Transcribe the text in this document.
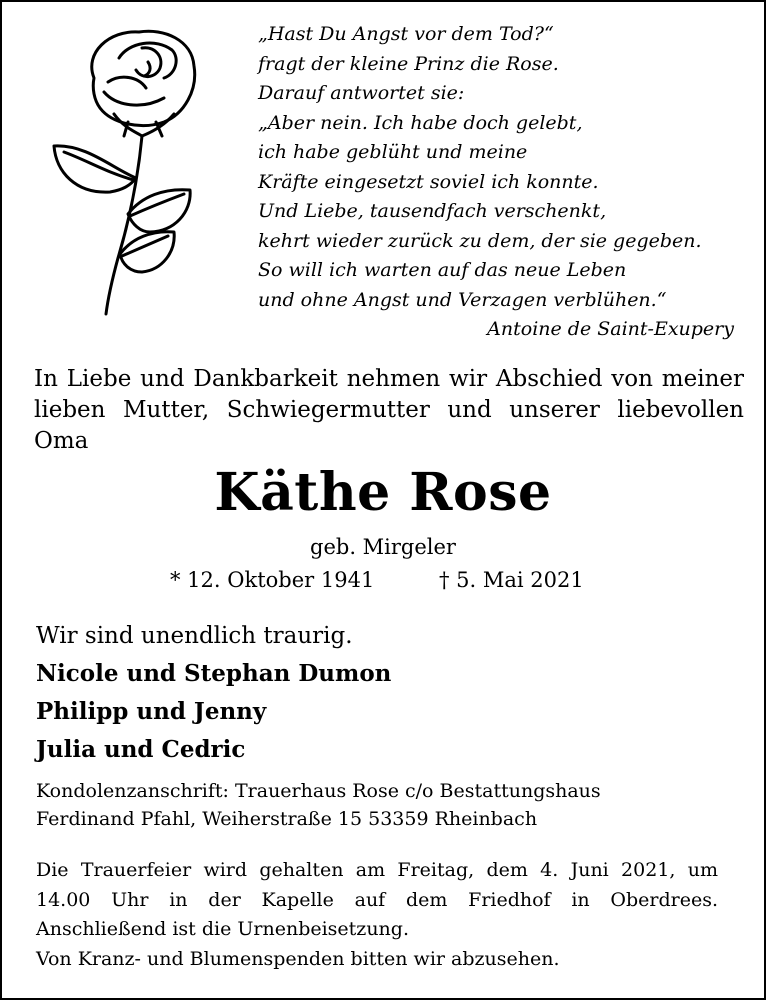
„Hast Du Angst vor dem Tod?“
fragt der kleine Prinz die Rose.
Darauf antwortet sie:
„Aber nein. Ich habe doch gelebt,
ich habe geblüht und meine
Kräfte eingesetzt soviel ich konnte.
Und Liebe, tausendfach verschenkt,
kehrt wieder zurück zu dem, der sie gegeben.
So will ich warten auf das neue Leben
und ohne Angst und Verzagen verblühen.“
Antoine de Saint-Exupery
In Liebe und Dankbarkeit nehmen wir Abschied von meiner
lieben Mutter, Schwiegermutter und unserer liebevollen Oma
Käthe Rose
geb. Mirgeler
* 12. Oktober 1941	† 5. Mai 2021
Wir sind unendlich traurig.
Nicole und Stephan Dumon
Philipp und Jenny
Julia und Cedric
Kondolenzanschrift: Trauerhaus Rose c/o Bestattungshaus
Ferdinand Pfahl, Weiherstraße 15 53359 Rheinbach
Die Trauerfeier wird gehalten am Freitag, dem 4. Juni 2021, um
14.00 Uhr in der Kapelle auf dem Friedhof in Oberdrees.
Anschließend ist die Urnenbeisetzung.
Von Kranz- und Blumenspenden bitten wir abzusehen.
